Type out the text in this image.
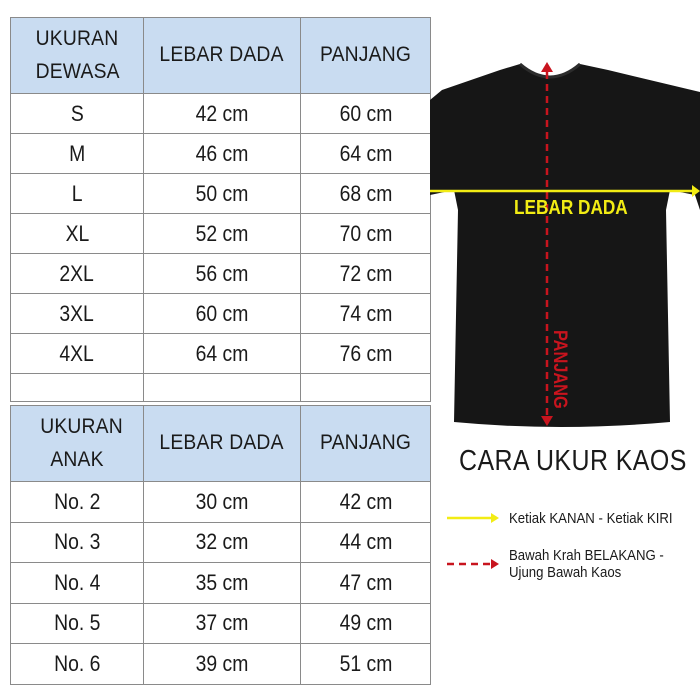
UKURAN DEWASA	LEBAR DADA	PANJANG
S	42 cm	60 cm
M	46 cm	64 cm
L	50 cm	68 cm
XL	52 cm	70 cm
2XL	56 cm	72 cm
3XL	60 cm	74 cm
4XL	64 cm	76 cm

UKURAN ANAK	LEBAR DADA	PANJANG
No. 2	30 cm	42 cm
No. 3	32 cm	44 cm
No. 4	35 cm	47 cm
No. 5	37 cm	49 cm
No. 6	39 cm	51 cm
LEBAR DADA
PANJANG
CARA UKUR KAOS
Ketiak KANAN - Ketiak KIRI
Bawah Krah BELAKANG -
Ujung Bawah Kaos
